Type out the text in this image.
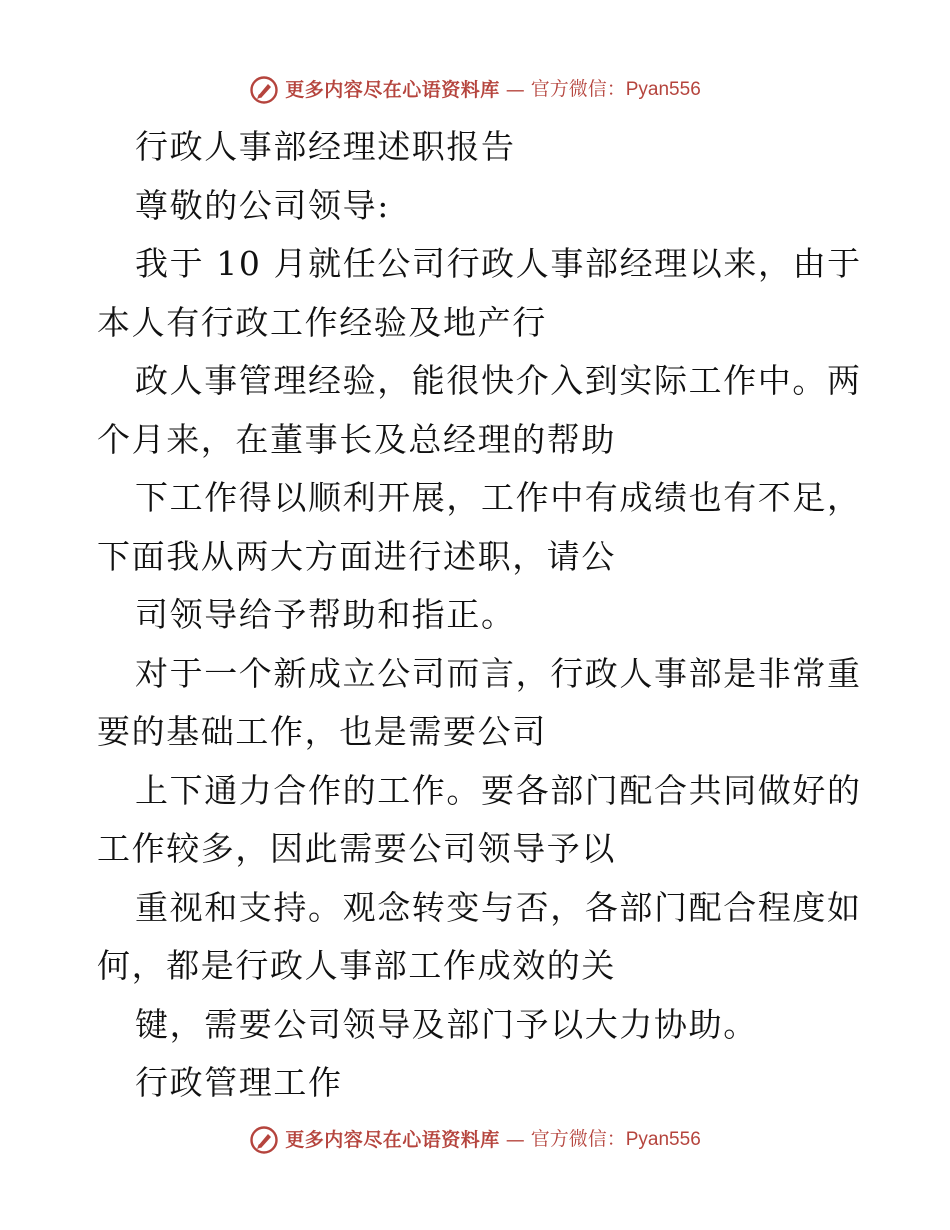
更多内容尽在心语资料库 — 官方微信：Pyan556
行政人事部经理述职报告
尊敬的公司领导:
我于 10 月就任公司行政人事部经理以来，由于
本人有行政工作经验及地产行
政人事管理经验，能很快介入到实际工作中。两
个月来，在董事长及总经理的帮助
下工作得以顺利开展，工作中有成绩也有不足，
下面我从两大方面进行述职，请公
司领导给予帮助和指正。
对于一个新成立公司而言，行政人事部是非常重
要的基础工作，也是需要公司
上下通力合作的工作。要各部门配合共同做好的
工作较多，因此需要公司领导予以
重视和支持。观念转变与否，各部门配合程度如
何，都是行政人事部工作成效的关
键，需要公司领导及部门予以大力协助。
行政管理工作
更多内容尽在心语资料库 — 官方微信：Pyan556
